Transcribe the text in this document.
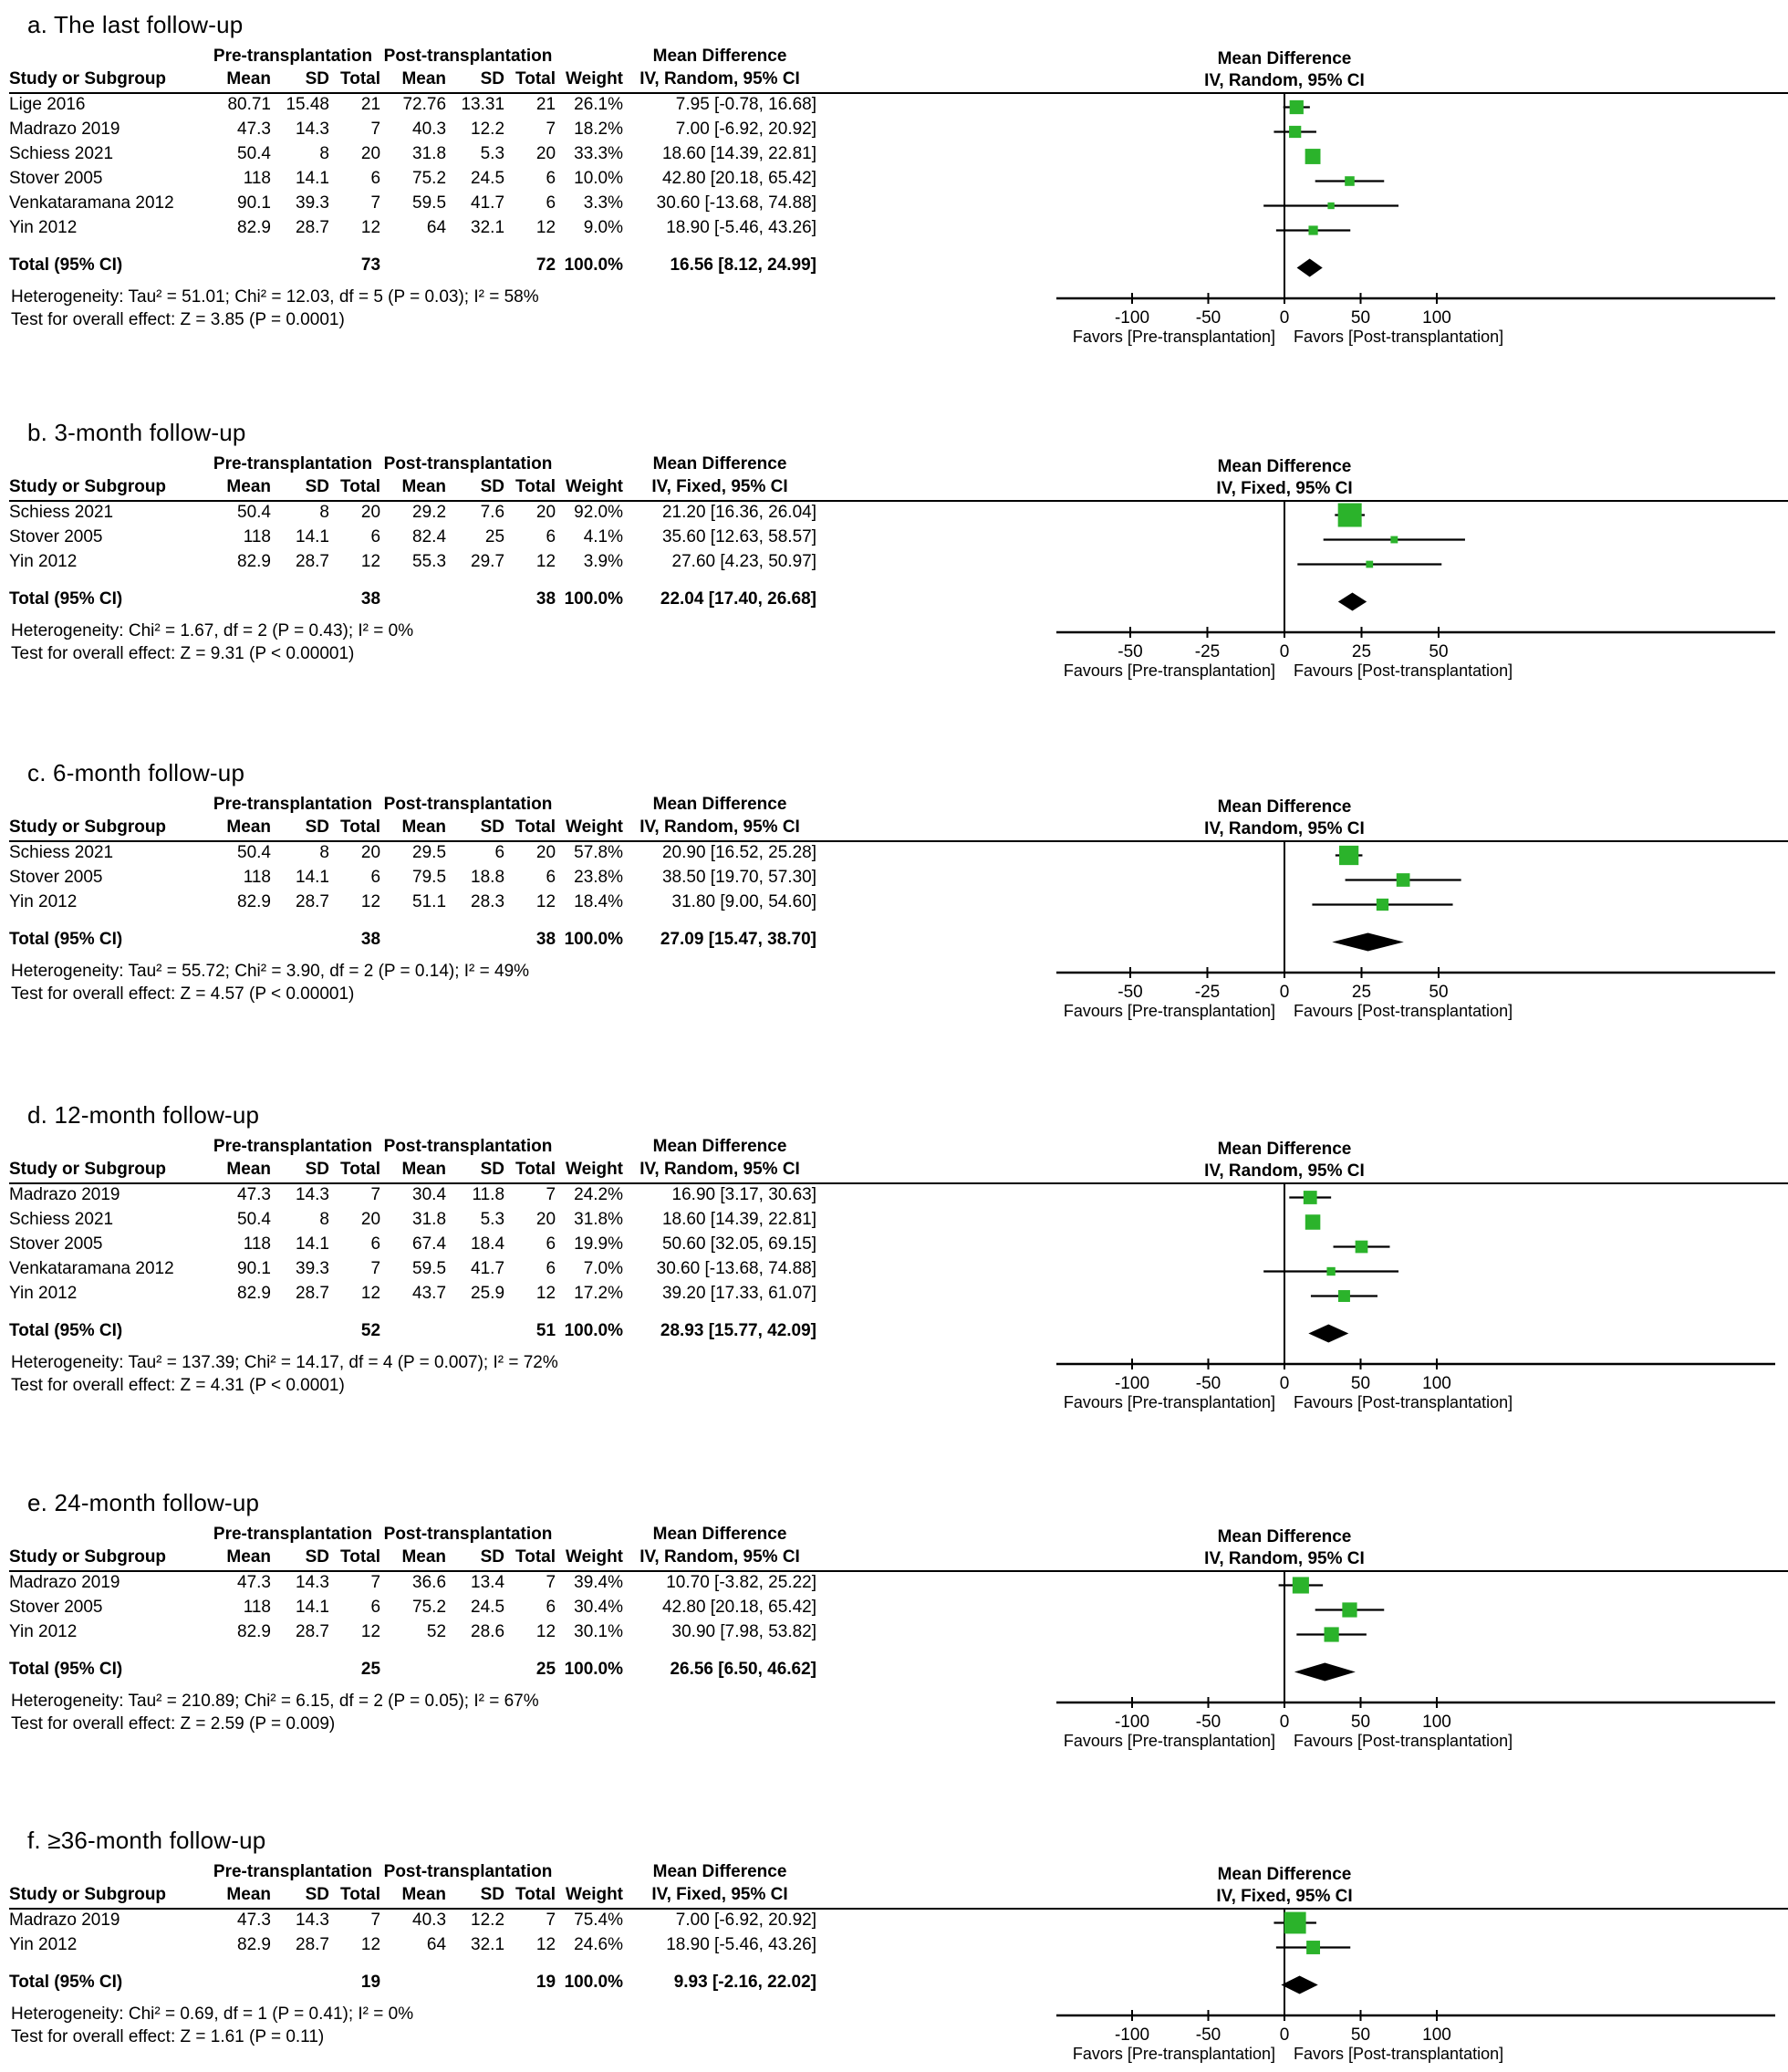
a. The last follow-up
	Pre-transplantation			Post-transplantation				Mean Difference
Study or Subgroup	Mean	SD	Total	Mean	SD	Total	Weight	IV, Random, 95% CI
Lige 2016	80.71	15.48	21	72.76	13.31	21	26.1%	7.95 [-0.78, 16.68]
Madrazo 2019	47.3	14.3	7	40.3	12.2	7	18.2%	7.00 [-6.92, 20.92]
Schiess 2021	50.4	8	20	31.8	5.3	20	33.3%	18.60 [14.39, 22.81]
Stover 2005	118	14.1	6	75.2	24.5	6	10.0%	42.80 [20.18, 65.42]
Venkataramana 2012	90.1	39.3	7	59.5	41.7	6	3.3%	30.60 [-13.68, 74.88]
Yin 2012	82.9	28.7	12	64	32.1	12	9.0%	18.90 [-5.46, 43.26]

Total (95% CI)			73			72	100.0%	16.56 [8.12, 24.99]
Heterogeneity: Tau² = 51.01; Chi² = 12.03, df = 5 (P = 0.03); I² = 58%
Test for overall effect: Z = 3.85 (P = 0.0001)
Mean Difference
IV, Random, 95% CI
-100	-50	0	50	100
Favors [Pre-transplantation] Favors [Post-transplantation]
b. 3-month follow-up
	Pre-transplantation			Post-transplantation				Mean Difference
Study or Subgroup	Mean	SD	Total	Mean	SD	Total	Weight	IV, Fixed, 95% CI
Schiess 2021	50.4	8	20	29.2	7.6	20	92.0%	21.20 [16.36, 26.04]
Stover 2005	118	14.1	6	82.4	25	6	4.1%	35.60 [12.63, 58.57]
Yin 2012	82.9	28.7	12	55.3	29.7	12	3.9%	27.60 [4.23, 50.97]

Total (95% CI)			38			38	100.0%	22.04 [17.40, 26.68]
Heterogeneity: Chi² = 1.67, df = 2 (P = 0.43); I² = 0%
Test for overall effect: Z = 9.31 (P < 0.00001)
Mean Difference
IV, Fixed, 95% CI
-50	-25	0	25	50
Favours [Pre-transplantation] Favours [Post-transplantation]
c. 6-month follow-up
	Pre-transplantation			Post-transplantation				Mean Difference
Study or Subgroup	Mean	SD	Total	Mean	SD	Total	Weight	IV, Random, 95% CI
Schiess 2021	50.4	8	20	29.5	6	20	57.8%	20.90 [16.52, 25.28]
Stover 2005	118	14.1	6	79.5	18.8	6	23.8%	38.50 [19.70, 57.30]
Yin 2012	82.9	28.7	12	51.1	28.3	12	18.4%	31.80 [9.00, 54.60]

Total (95% CI)			38			38	100.0%	27.09 [15.47, 38.70]
Heterogeneity: Tau² = 55.72; Chi² = 3.90, df = 2 (P = 0.14); I² = 49%
Test for overall effect: Z = 4.57 (P < 0.00001)
Mean Difference
IV, Random, 95% CI
-50	-25	0	25	50
Favours [Pre-transplantation] Favours [Post-transplantation]
d. 12-month follow-up
	Pre-transplantation			Post-transplantation				Mean Difference
Study or Subgroup	Mean	SD	Total	Mean	SD	Total	Weight	IV, Random, 95% CI
Madrazo 2019	47.3	14.3	7	30.4	11.8	7	24.2%	16.90 [3.17, 30.63]
Schiess 2021	50.4	8	20	31.8	5.3	20	31.8%	18.60 [14.39, 22.81]
Stover 2005	118	14.1	6	67.4	18.4	6	19.9%	50.60 [32.05, 69.15]
Venkataramana 2012	90.1	39.3	7	59.5	41.7	6	7.0%	30.60 [-13.68, 74.88]
Yin 2012	82.9	28.7	12	43.7	25.9	12	17.2%	39.20 [17.33, 61.07]

Total (95% CI)			52			51	100.0%	28.93 [15.77, 42.09]
Heterogeneity: Tau² = 137.39; Chi² = 14.17, df = 4 (P = 0.007); I² = 72%
Test for overall effect: Z = 4.31 (P < 0.0001)
Mean Difference
IV, Random, 95% CI
-100	-50	0	50	100
Favours [Pre-transplantation] Favours [Post-transplantation]
e. 24-month follow-up
	Pre-transplantation			Post-transplantation				Mean Difference
Study or Subgroup	Mean	SD	Total	Mean	SD	Total	Weight	IV, Random, 95% CI
Madrazo 2019	47.3	14.3	7	36.6	13.4	7	39.4%	10.70 [-3.82, 25.22]
Stover 2005	118	14.1	6	75.2	24.5	6	30.4%	42.80 [20.18, 65.42]
Yin 2012	82.9	28.7	12	52	28.6	12	30.1%	30.90 [7.98, 53.82]

Total (95% CI)			25			25	100.0%	26.56 [6.50, 46.62]
Heterogeneity: Tau² = 210.89; Chi² = 6.15, df = 2 (P = 0.05); I² = 67%
Test for overall effect: Z = 2.59 (P = 0.009)
Mean Difference
IV, Random, 95% CI
-100	-50	0	50	100
Favours [Pre-transplantation] Favours [Post-transplantation]
f. ≥36-month follow-up
	Pre-transplantation			Post-transplantation				Mean Difference
Study or Subgroup	Mean	SD	Total	Mean	SD	Total	Weight	IV, Fixed, 95% CI
Madrazo 2019	47.3	14.3	7	40.3	12.2	7	75.4%	7.00 [-6.92, 20.92]
Yin 2012	82.9	28.7	12	64	32.1	12	24.6%	18.90 [-5.46, 43.26]

Total (95% CI)			19			19	100.0%	9.93 [-2.16, 22.02]
Heterogeneity: Chi² = 0.69, df = 1 (P = 0.41); I² = 0%
Test for overall effect: Z = 1.61 (P = 0.11)
Mean Difference
IV, Fixed, 95% CI
-100	-50	0	50	100
Favors [Pre-transplantation] Favors [Post-transplantation]
